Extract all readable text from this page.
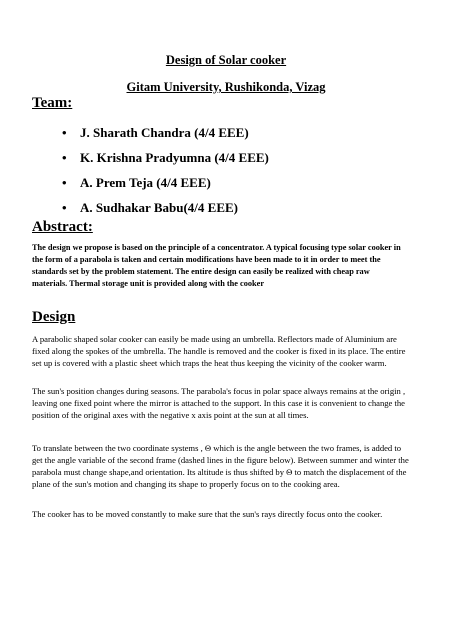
Design of Solar cooker
Gitam University, Rushikonda, Vizag
Team:
• J. Sharath Chandra (4/4 EEE)
• K. Krishna Pradyumna (4/4 EEE)
• A. Prem Teja (4/4 EEE)
• A. Sudhakar Babu(4/4 EEE)
Abstract:
The design we propose is based on the principle of a concentrator. A typical focusing type solar cooker in the form of a parabola is taken and certain modifications have been made to it in order to meet the standards set by the problem statement. The entire design can easily be realized with cheap raw materials. Thermal storage unit is provided along with the cooker
Design

A parabolic shaped solar cooker can easily be made using an umbrella. Reflectors made of Aluminium are fixed along the spokes of the umbrella. The handle is removed and the cooker is fixed in its place. The entire set up is covered with a plastic sheet which traps the heat thus keeping the vicinity of the cooker warm.

The sun's position changes during seasons. The parabola's focus in polar space always remains at the origin , leaving one fixed point where the mirror is attached to the support. In this case it is convenient to change the position of the original axes with the negative x axis point at the sun at all times.

To translate between the two coordinate systems , Θ which is the angle between the two frames, is added to get the angle variable of the second frame (dashed lines in the figure below). Between summer and winter the parabola must change shape,and orientation. Its altitude is thus shifted by Θ to match the displacement of the plane of the sun's motion and changing its shape to properly focus on to the cooking area.

The cooker has to be moved constantly to make sure that the sun's rays directly focus onto the cooker.
